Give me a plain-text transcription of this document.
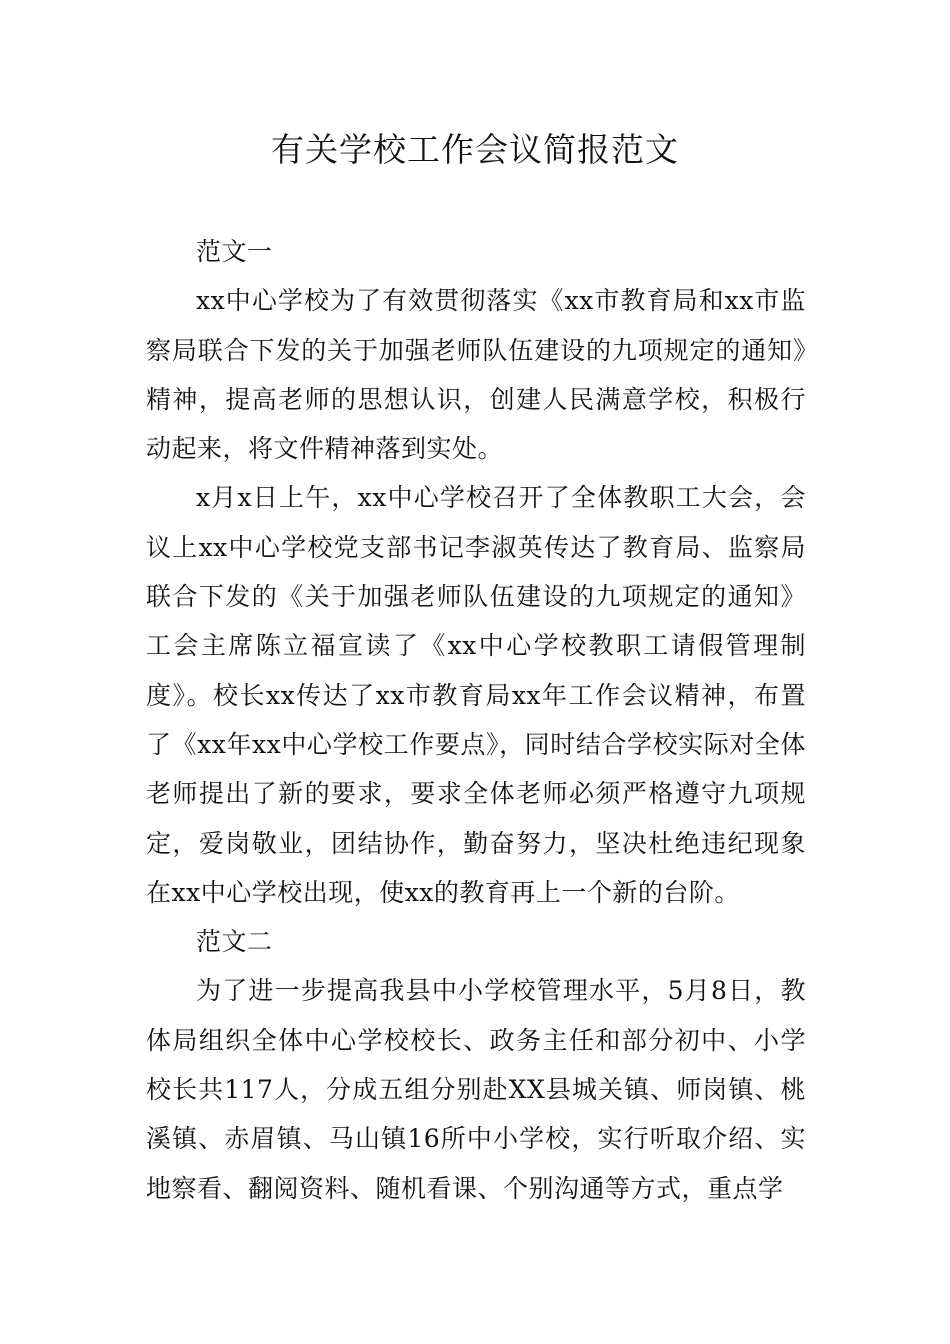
有关学校工作会议简报范文

范文一

xx中心学校为了有效贯彻落实《xx市教育局和xx市监察局联合下发的关于加强老师队伍建设的九项规定的通知》精神，提高老师的思想认识，创建人民满意学校，积极行动起来，将文件精神落到实处。

x月x日上午，xx中心学校召开了全体教职工大会，会议上xx中心学校党支部书记李淑英传达了教育局、监察局联合下发的《关于加强老师队伍建设的九项规定的通知》工会主席陈立福宣读了《xx中心学校教职工请假管理制度》。校长xx传达了xx市教育局xx年工作会议精神，布置了《xx年xx中心学校工作要点》，同时结合学校实际对全体老师提出了新的要求，要求全体老师必须严格遵守九项规定，爱岗敬业，团结协作，勤奋努力，坚决杜绝违纪现象在xx中心学校出现，使xx的教育再上一个新的台阶。

范文二

为了进一步提高我县中小学校管理水平，5月8日，教体局组织全体中心学校校长、政务主任和部分初中、小学校长共117人，分成五组分别赴XX县城关镇、师岗镇、桃溪镇、赤眉镇、马山镇16所中小学校，实行听取介绍、实地察看、翻阅资料、随机看课、个别沟通等方式，重点学
